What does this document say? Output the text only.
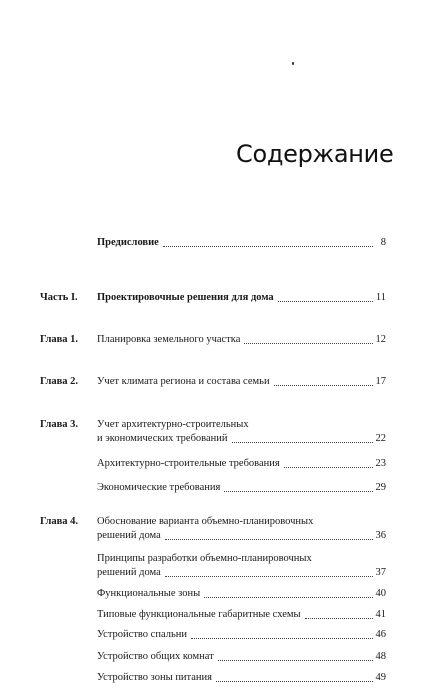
Содержание
Предисловие	8
Часть I. Проектировочные решения для дома	11
Глава 1. Планировка земельного участка	12
Глава 2. Учет климата региона и состава семьи	17
Глава 3. Учет архитектурно-строительных
и экономических требований	22
Архитектурно-строительные требования	23
Экономические требования	29
Глава 4. Обоснование варианта объемно-планировочных
решений дома	36
Принципы разработки объемно-планировочных
решений дома	37
Функциональные зоны	40
Типовые функциональные габаритные схемы	41
Устройство спальни	46
Устройство общих комнат	48
Устройство зоны питания	49
